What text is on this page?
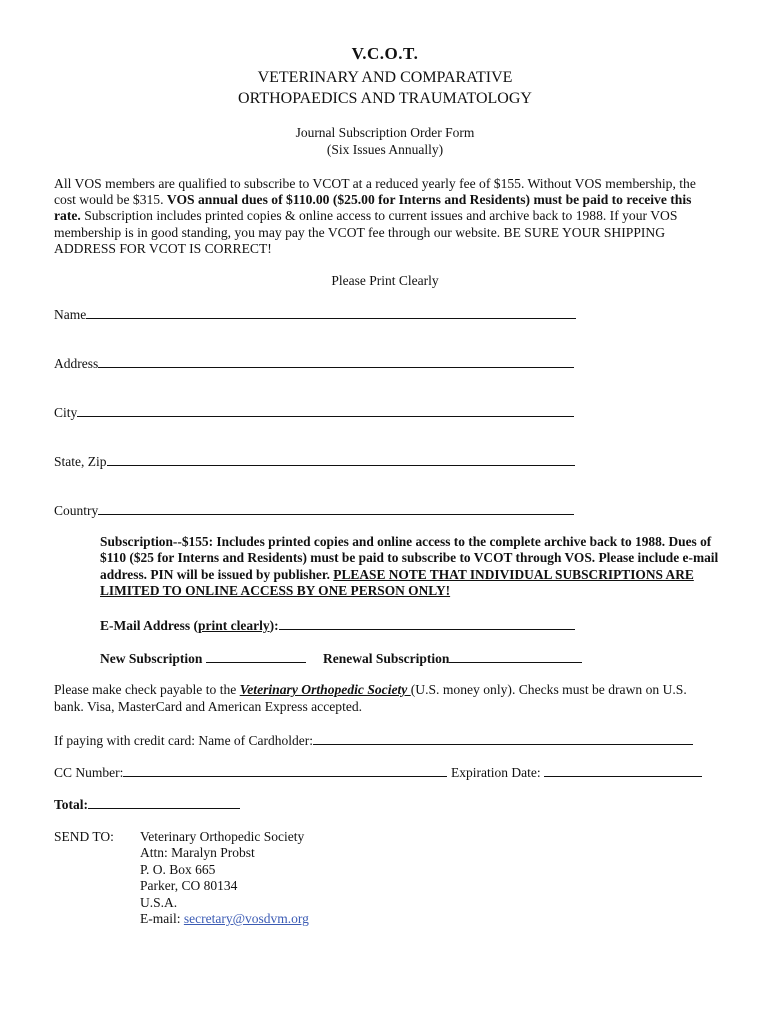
V.C.O.T.
VETERINARY AND COMPARATIVE
ORTHOPAEDICS AND TRAUMATOLOGY
Journal Subscription Order Form
(Six Issues Annually)
All VOS members are qualified to subscribe to VCOT at a reduced yearly fee of $155. Without VOS membership, the cost would be $315. VOS annual dues of $110.00 ($25.00 for Interns and Residents) must be paid to receive this rate. Subscription includes printed copies & online access to current issues and archive back to 1988. If your VOS membership is in good standing, you may pay the VCOT fee through our website. BE SURE YOUR SHIPPING ADDRESS FOR VCOT IS CORRECT!
Please Print Clearly
Name
Address
City
State, Zip
Country
Subscription--$155: Includes printed copies and online access to the complete archive back to 1988. Dues of $110 ($25 for Interns and Residents) must be paid to subscribe to VCOT through VOS. Please include e-mail address. PIN will be issued by publisher. PLEASE NOTE THAT INDIVIDUAL SUBSCRIPTIONS ARE LIMITED TO ONLINE ACCESS BY ONE PERSON ONLY!
E-Mail Address (print clearly):
New Subscription	Renewal Subscription
Please make check payable to the Veterinary Orthopedic Society (U.S. money only). Checks must be drawn on U.S. bank. Visa, MasterCard and American Express accepted.
If paying with credit card: Name of Cardholder:
CC Number:	Expiration Date:
Total:
SEND TO: Veterinary Orthopedic Society
Attn: Maralyn Probst
P. O. Box 665
Parker, CO 80134
U.S.A.
E-mail: secretary@vosdvm.org
